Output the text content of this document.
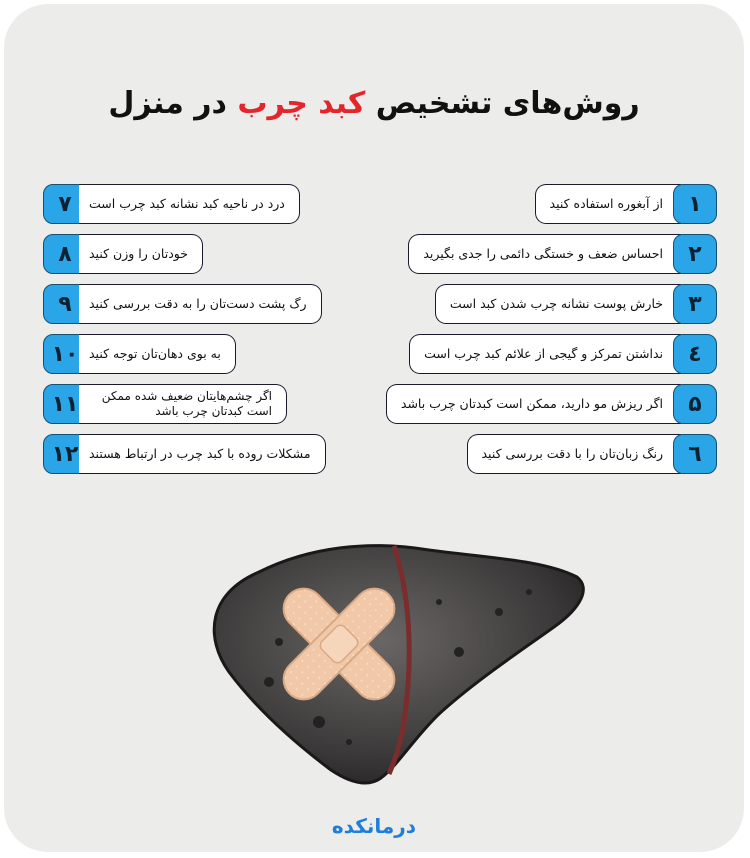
روش‌های تشخیص کبد چرب در منزل
از آبغوره استفاده کنید	۱
احساس ضعف و خستگی دائمی را جدی بگیرید	۲
خارش پوست نشانه چرب شدن کبد است	۳
نداشتن تمرکز و گیجی از علائم کبد چرب است	٤
اگر ریزش مو دارید، ممکن است کبدتان چرب باشد	۵
رنگ زبان‌تان را با دقت بررسی کنید	٦
۷	درد در ناحیه کبد نشانه کبد چرب است
۸	خودتان را وزن کنید
۹	رگ پشت دست‌تان را به دقت بررسی کنید
۱۰ به بوی دهان‌تان توجه کنید
۱۱	اگر چشم‌هایتان ضعیف شده ممکن است کبدتان چرب باشد
۱۲ مشکلات روده با کبد چرب در ارتباط هستند
درمانکده
